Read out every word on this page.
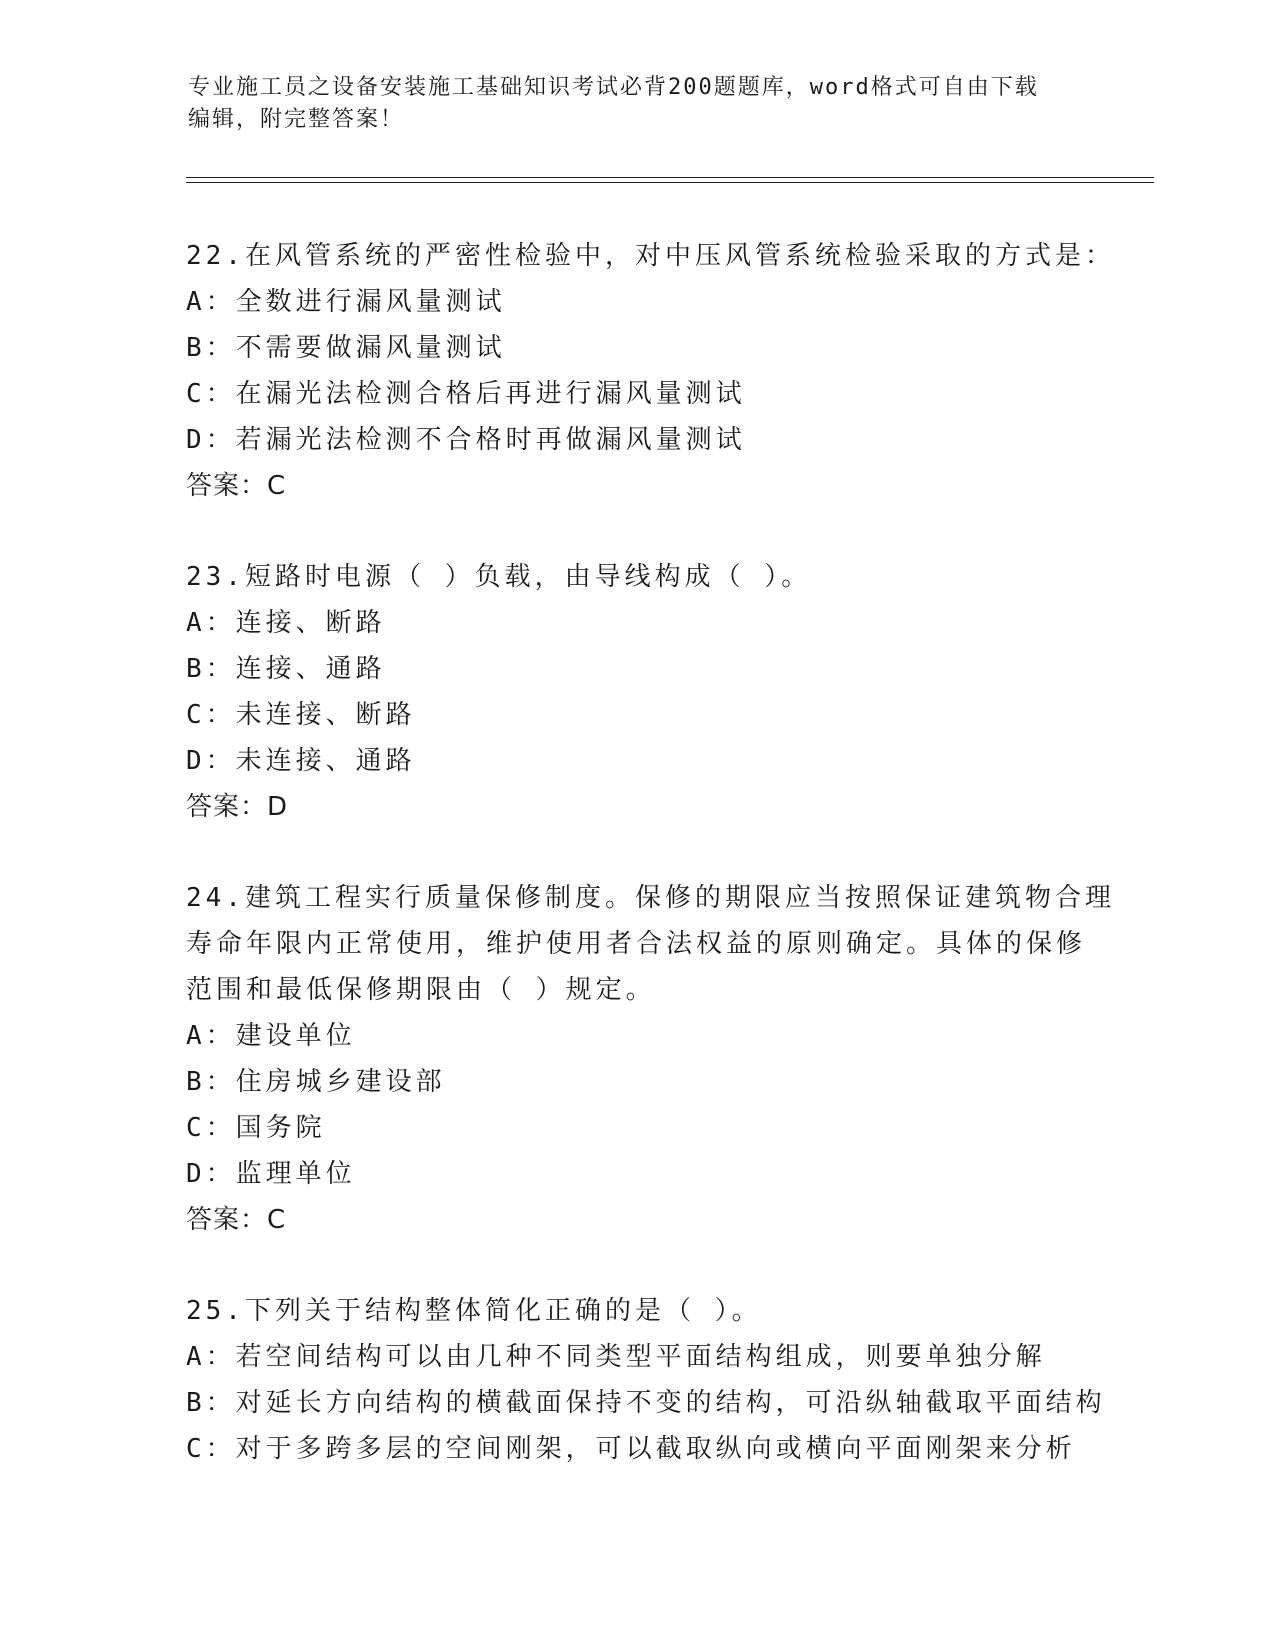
专业施工员之设备安装施工基础知识考试必背200题题库，word格式可自由下载
编辑，附完整答案！
22.在风管系统的严密性检验中，对中压风管系统检验采取的方式是：
A：全数进行漏风量测试
B：不需要做漏风量测试
C：在漏光法检测合格后再进行漏风量测试
D：若漏光法检测不合格时再做漏风量测试
答案：C
23.短路时电源（ ）负载，由导线构成（ ）。
A：连接、断路
B：连接、通路
C：未连接、断路
D：未连接、通路
答案：D
24.建筑工程实行质量保修制度。保修的期限应当按照保证建筑物合理
寿命年限内正常使用，维护使用者合法权益的原则确定。具体的保修
范围和最低保修期限由（ ）规定。
A：建设单位
B：住房城乡建设部
C：国务院
D：监理单位
答案：C
25.下列关于结构整体简化正确的是（ ）。
A：若空间结构可以由几种不同类型平面结构组成，则要单独分解
B：对延长方向结构的横截面保持不变的结构，可沿纵轴截取平面结构
C：对于多跨多层的空间刚架，可以截取纵向或横向平面刚架来分析
